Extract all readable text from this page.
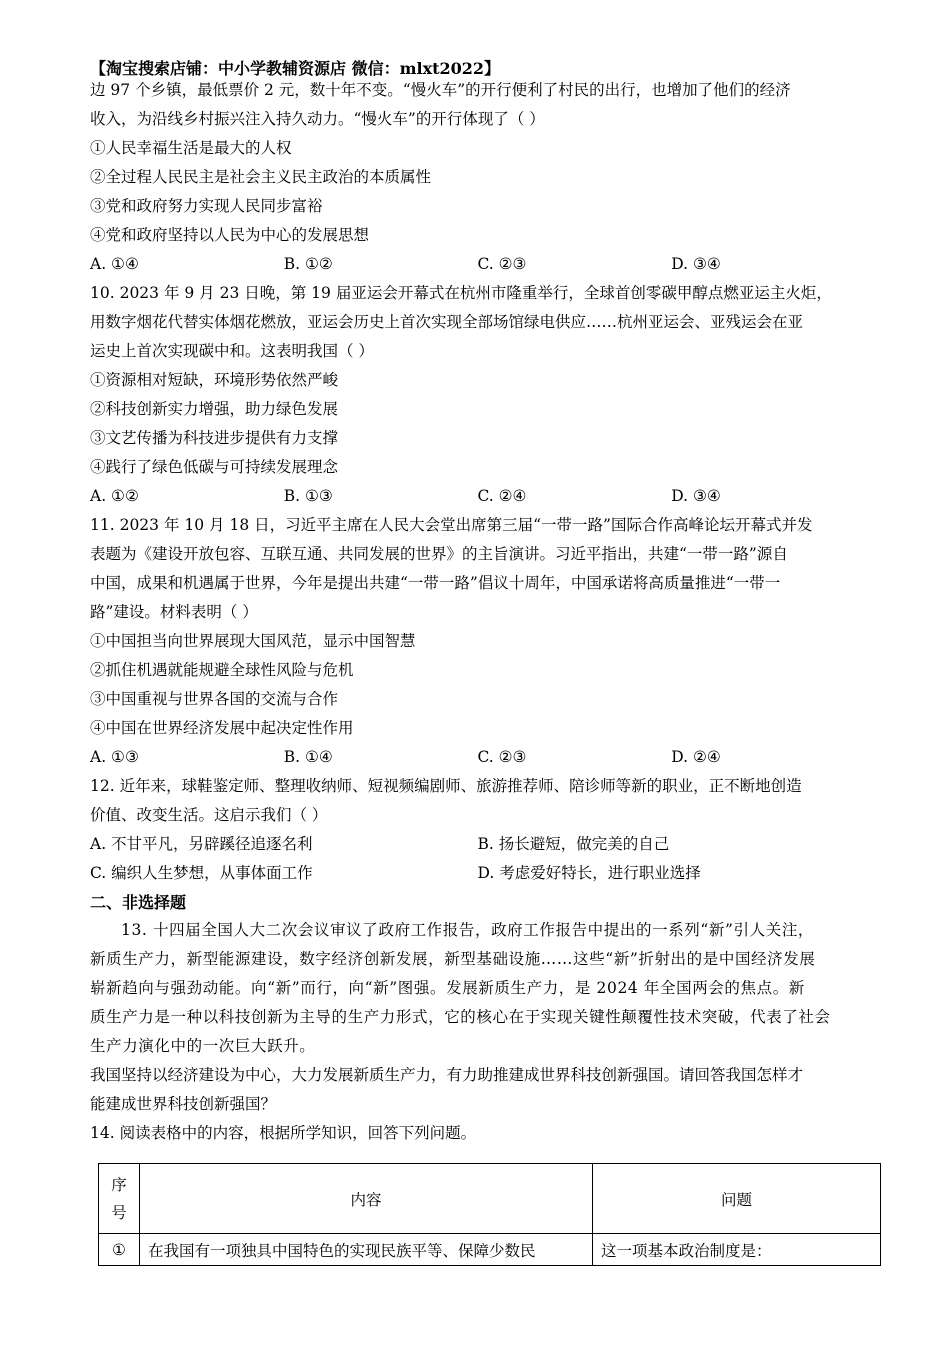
【淘宝搜索店铺：中小学教辅资源店 微信：mlxt2022】
边 97 个乡镇，最低票价 2 元，数十年不变。“慢火车”的开行便利了村民的出行，也增加了他们的经济
收入，为沿线乡村振兴注入持久动力。“慢火车”的开行体现了（ ）
①人民幸福生活是最大的人权
②全过程人民民主是社会主义民主政治的本质属性
③党和政府努力实现人民同步富裕
④党和政府坚持以人民为中心的发展思想
A. ①④	B. ①②	C. ②③	D. ③④
10. 2023 年 9 月 23 日晚，第 19 届亚运会开幕式在杭州市隆重举行，全球首创零碳甲醇点燃亚运主火炬，
用数字烟花代替实体烟花燃放，亚运会历史上首次实现全部场馆绿电供应……杭州亚运会、亚残运会在亚
运史上首次实现碳中和。这表明我国（ ）
①资源相对短缺，环境形势依然严峻
②科技创新实力增强，助力绿色发展
③文艺传播为科技进步提供有力支撑
④践行了绿色低碳与可持续发展理念
A. ①②	B. ①③	C. ②④	D. ③④
11. 2023 年 10 月 18 日，习近平主席在人民大会堂出席第三届“一带一路”国际合作高峰论坛开幕式并发
表题为《建设开放包容、互联互通、共同发展的世界》的主旨演讲。习近平指出，共建“一带一路”源自
中国，成果和机遇属于世界，今年是提出共建“一带一路”倡议十周年，中国承诺将高质量推进“一带一
路”建设。材料表明（ ）
①中国担当向世界展现大国风范，显示中国智慧
②抓住机遇就能规避全球性风险与危机
③中国重视与世界各国的交流与合作
④中国在世界经济发展中起决定性作用
A. ①③	B. ①④	C. ②③	D. ②④
12. 近年来，球鞋鉴定师、整理收纳师、短视频编剧师、旅游推荐师、陪诊师等新的职业，正不断地创造
价值、改变生活。这启示我们（ ）
A. 不甘平凡，另辟蹊径追逐名利	B. 扬长避短，做完美的自己
C. 编织人生梦想，从事体面工作	D. 考虑爱好特长，进行职业选择
二、非选择题
13. 十四届全国人大二次会议审议了政府工作报告，政府工作报告中提出的一系列“新”引人关注，
新质生产力，新型能源建设，数字经济创新发展，新型基础设施……这些“新”折射出的是中国经济发展
崭新趋向与强劲动能。向“新”而行，向“新”图强。发展新质生产力，是 2024 年全国两会的焦点。新
质生产力是一种以科技创新为主导的生产力形式，它的核心在于实现关键性颠覆性技术突破，代表了社会
生产力演化中的一次巨大跃升。
我国坚持以经济建设为中心，大力发展新质生产力，有力助推建成世界科技创新强国。请回答我国怎样才
能建成世界科技创新强国？
14. 阅读表格中的内容，根据所学知识，回答下列问题。
序号	内容	问题
①	在我国有一项独具中国特色的实现民族平等、保障少数民	这一项基本政治制度是：
